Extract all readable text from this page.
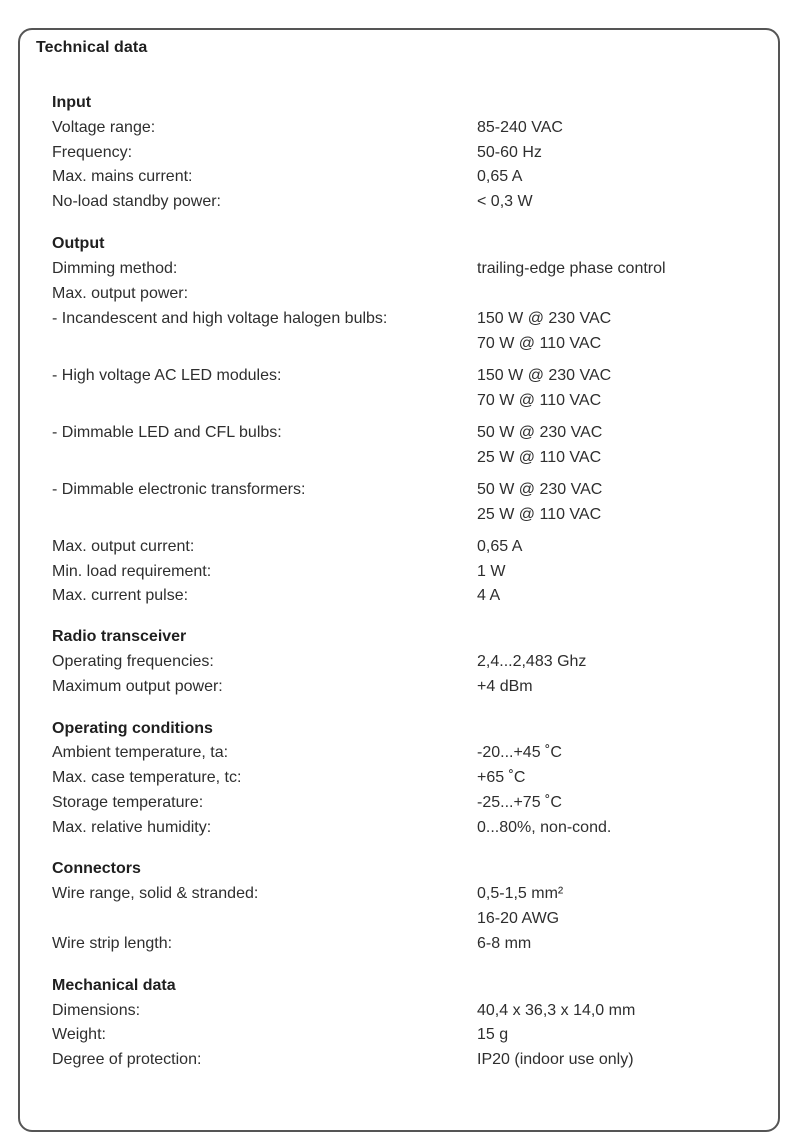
Technical data
Input
Voltage range:	85-240 VAC
Frequency:	50-60 Hz
Max. mains current:	0,65 A
No-load standby power:	< 0,3 W
Output
Dimming method:	trailing-edge phase control
Max. output power:
- Incandescent and high voltage halogen bulbs:	150 W @ 230 VAC
70 W @ 110 VAC
- High voltage AC LED modules:	150 W @ 230 VAC
70 W @ 110 VAC
- Dimmable LED and CFL bulbs:	50 W @ 230 VAC
25 W @ 110 VAC
- Dimmable electronic transformers:	50 W @ 230 VAC
25 W @ 110 VAC
Max. output current:	0,65 A
Min. load requirement:	1 W
Max. current pulse:	4 A
Radio transceiver
Operating frequencies:	2,4...2,483 Ghz
Maximum output power:	+4 dBm
Operating conditions
Ambient temperature, ta:	-20...+45 ˚C
Max. case temperature, tc:	+65 ˚C
Storage temperature:	-25...+75 ˚C
Max. relative humidity:	0...80%, non-cond.
Connectors
Wire range, solid & stranded:	0,5-1,5 mm²
16-20 AWG
Wire strip length:	6-8 mm
Mechanical data
Dimensions:	40,4 x 36,3 x 14,0 mm
Weight:	15 g
Degree of protection:	IP20 (indoor use only)
